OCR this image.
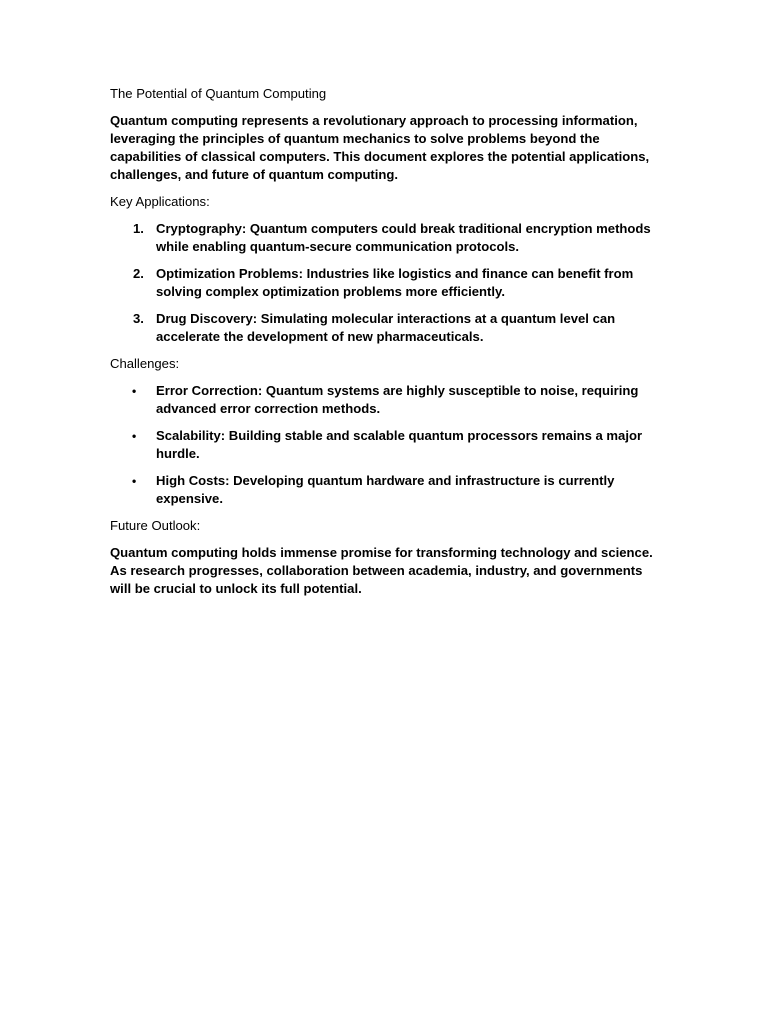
The Potential of Quantum Computing

Quantum computing represents a revolutionary approach to processing information, leveraging the principles of quantum mechanics to solve problems beyond the capabilities of classical computers. This document explores the potential applications, challenges, and future of quantum computing.

Key Applications:

1. Cryptography: Quantum computers could break traditional encryption methods while enabling quantum-secure communication protocols.
2. Optimization Problems: Industries like logistics and finance can benefit from solving complex optimization problems more efficiently.
3. Drug Discovery: Simulating molecular interactions at a quantum level can accelerate the development of new pharmaceuticals.

Challenges:

• Error Correction: Quantum systems are highly susceptible to noise, requiring advanced error correction methods.
• Scalability: Building stable and scalable quantum processors remains a major hurdle.
• High Costs: Developing quantum hardware and infrastructure is currently expensive.

Future Outlook:

Quantum computing holds immense promise for transforming technology and science. As research progresses, collaboration between academia, industry, and governments will be crucial to unlock its full potential.
